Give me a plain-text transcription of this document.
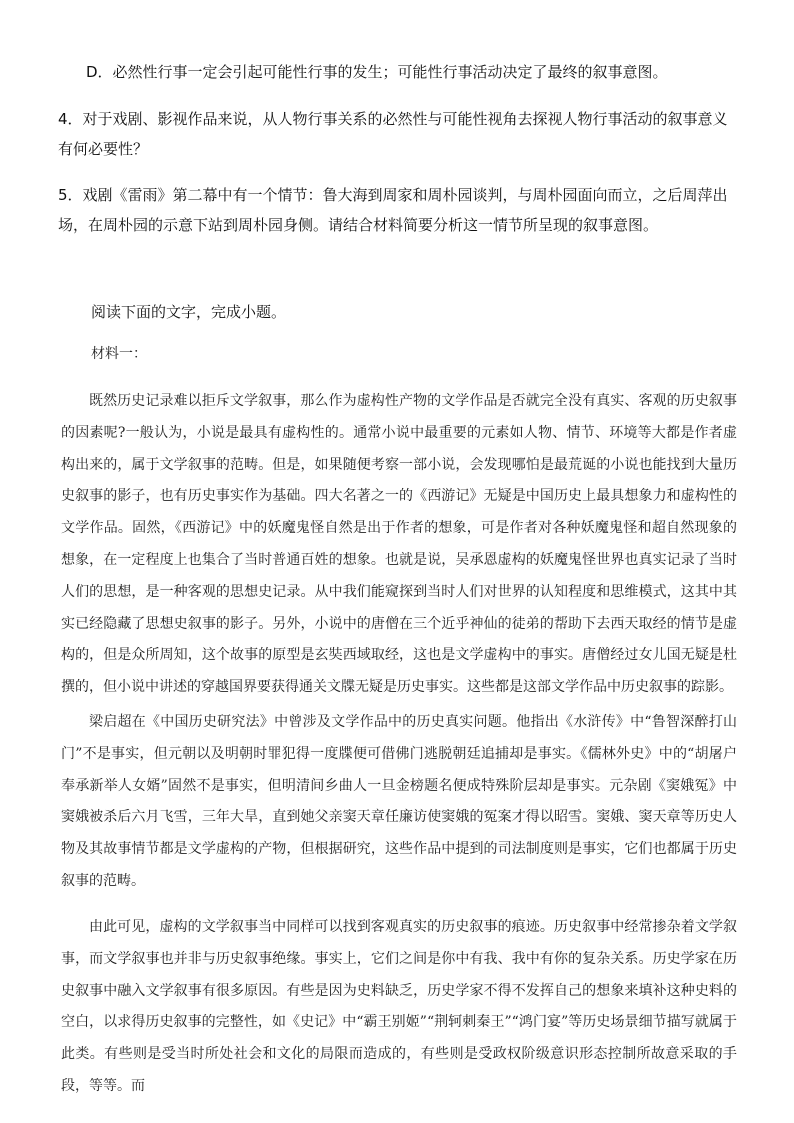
D．必然性行事一定会引起可能性行事的发生；可能性行事活动决定了最终的叙事意图。

4．对于戏剧、影视作品来说，从人物行事关系的必然性与可能性视角去探视人物行事活动的叙事意义有何必要性？

5．戏剧《雷雨》第二幕中有一个情节：鲁大海到周家和周朴园谈判，与周朴园面向而立，之后周萍出场，在周朴园的示意下站到周朴园身侧。请结合材料简要分析这一情节所呈现的叙事意图。

阅读下面的文字，完成小题。

材料一：

既然历史记录难以拒斥文学叙事，那么作为虚构性产物的文学作品是否就完全没有真实、客观的历史叙事的因素呢?一般认为，小说是最具有虚构性的。通常小说中最重要的元素如人物、情节、环境等大都是作者虚构出来的，属于文学叙事的范畴。但是，如果随便考察一部小说，会发现哪怕是最荒诞的小说也能找到大量历史叙事的影子，也有历史事实作为基础。四大名著之一的《西游记》无疑是中国历史上最具想象力和虚构性的文学作品。固然，《西游记》中的妖魔鬼怪自然是出于作者的想象，可是作者对各种妖魔鬼怪和超自然现象的想象，在一定程度上也集合了当时普通百姓的想象。也就是说，吴承恩虚构的妖魔鬼怪世界也真实记录了当时人们的思想，是一种客观的思想史记录。从中我们能窥探到当时人们对世界的认知程度和思维模式，这其中其实已经隐藏了思想史叙事的影子。另外，小说中的唐僧在三个近乎神仙的徒弟的帮助下去西天取经的情节是虚构的，但是众所周知，这个故事的原型是玄奘西域取经，这也是文学虚构中的事实。唐僧经过女儿国无疑是杜撰的，但小说中讲述的穿越国界要获得通关文牒无疑是历史事实。这些都是这部文学作品中历史叙事的踪影。

梁启超在《中国历史研究法》中曾涉及文学作品中的历史真实问题。他指出《水浒传》中“鲁智深醉打山门”不是事实，但元朝以及明朝时罪犯得一度牒便可借佛门逃脱朝廷追捕却是事实。《儒林外史》中的“胡屠户奉承新举人女婿”固然不是事实，但明清间乡曲人一旦金榜题名便成特殊阶层却是事实。元杂剧《窦娥冤》中窦娥被杀后六月飞雪，三年大旱，直到她父亲窦天章任廉访使窦娥的冤案才得以昭雪。窦娥、窦天章等历史人物及其故事情节都是文学虚构的产物，但根据研究，这些作品中提到的司法制度则是事实，它们也都属于历史叙事的范畴。

由此可见，虚构的文学叙事当中同样可以找到客观真实的历史叙事的痕迹。历史叙事中经常掺杂着文学叙事，而文学叙事也并非与历史叙事绝缘。事实上，它们之间是你中有我、我中有你的复杂关系。历史学家在历史叙事中融入文学叙事有很多原因。有些是因为史料缺乏，历史学家不得不发挥自己的想象来填补这种史料的空白，以求得历史叙事的完整性，如《史记》中“霸王别姬”“荆轲刺秦王”“鸿门宴”等历史场景细节描写就属于此类。有些则是受当时所处社会和文化的局限而造成的，有些则是受政权阶级意识形态控制所故意采取的手段，等等。而
